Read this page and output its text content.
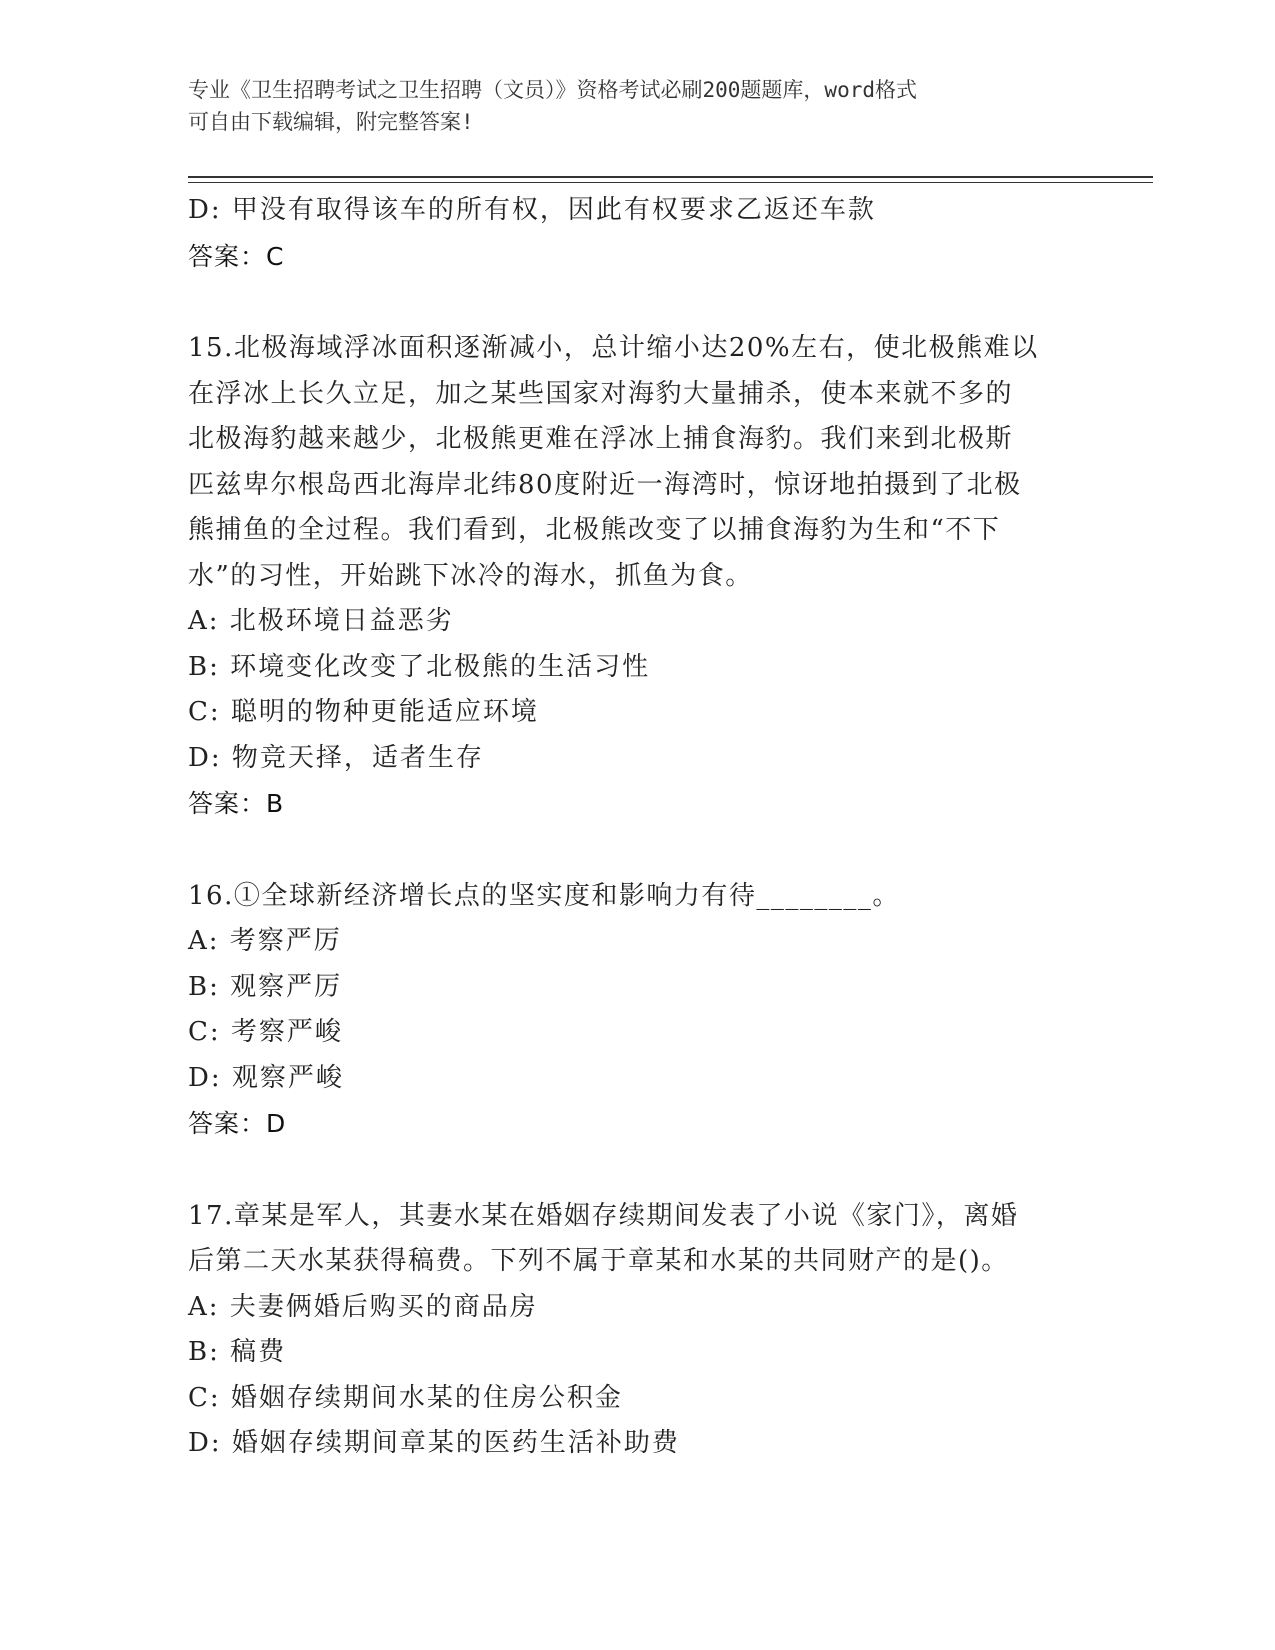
专业《卫生招聘考试之卫生招聘（文员）》资格考试必刷200题题库，word格式
可自由下载编辑，附完整答案!
D: 甲没有取得该车的所有权，因此有权要求乙返还车款
答案：C
15.北极海域浮冰面积逐渐减小，总计缩小达20%左右，使北极熊难以
在浮冰上长久立足，加之某些国家对海豹大量捕杀，使本来就不多的
北极海豹越来越少，北极熊更难在浮冰上捕食海豹。我们来到北极斯
匹兹卑尔根岛西北海岸北纬80度附近一海湾时，惊讶地拍摄到了北极
熊捕鱼的全过程。我们看到，北极熊改变了以捕食海豹为生和“不下
水”的习性，开始跳下冰冷的海水，抓鱼为食。
A: 北极环境日益恶劣
B: 环境变化改变了北极熊的生活习性
C: 聪明的物种更能适应环境
D: 物竞天择，适者生存
答案：B
16.①全球新经济增长点的坚实度和影响力有待________。
A: 考察严厉
B: 观察严厉
C: 考察严峻
D: 观察严峻
答案：D
17.章某是军人，其妻水某在婚姻存续期间发表了小说《家门》，离婚
后第二天水某获得稿费。下列不属于章某和水某的共同财产的是()。
A: 夫妻俩婚后购买的商品房
B: 稿费
C: 婚姻存续期间水某的住房公积金
D: 婚姻存续期间章某的医药生活补助费
